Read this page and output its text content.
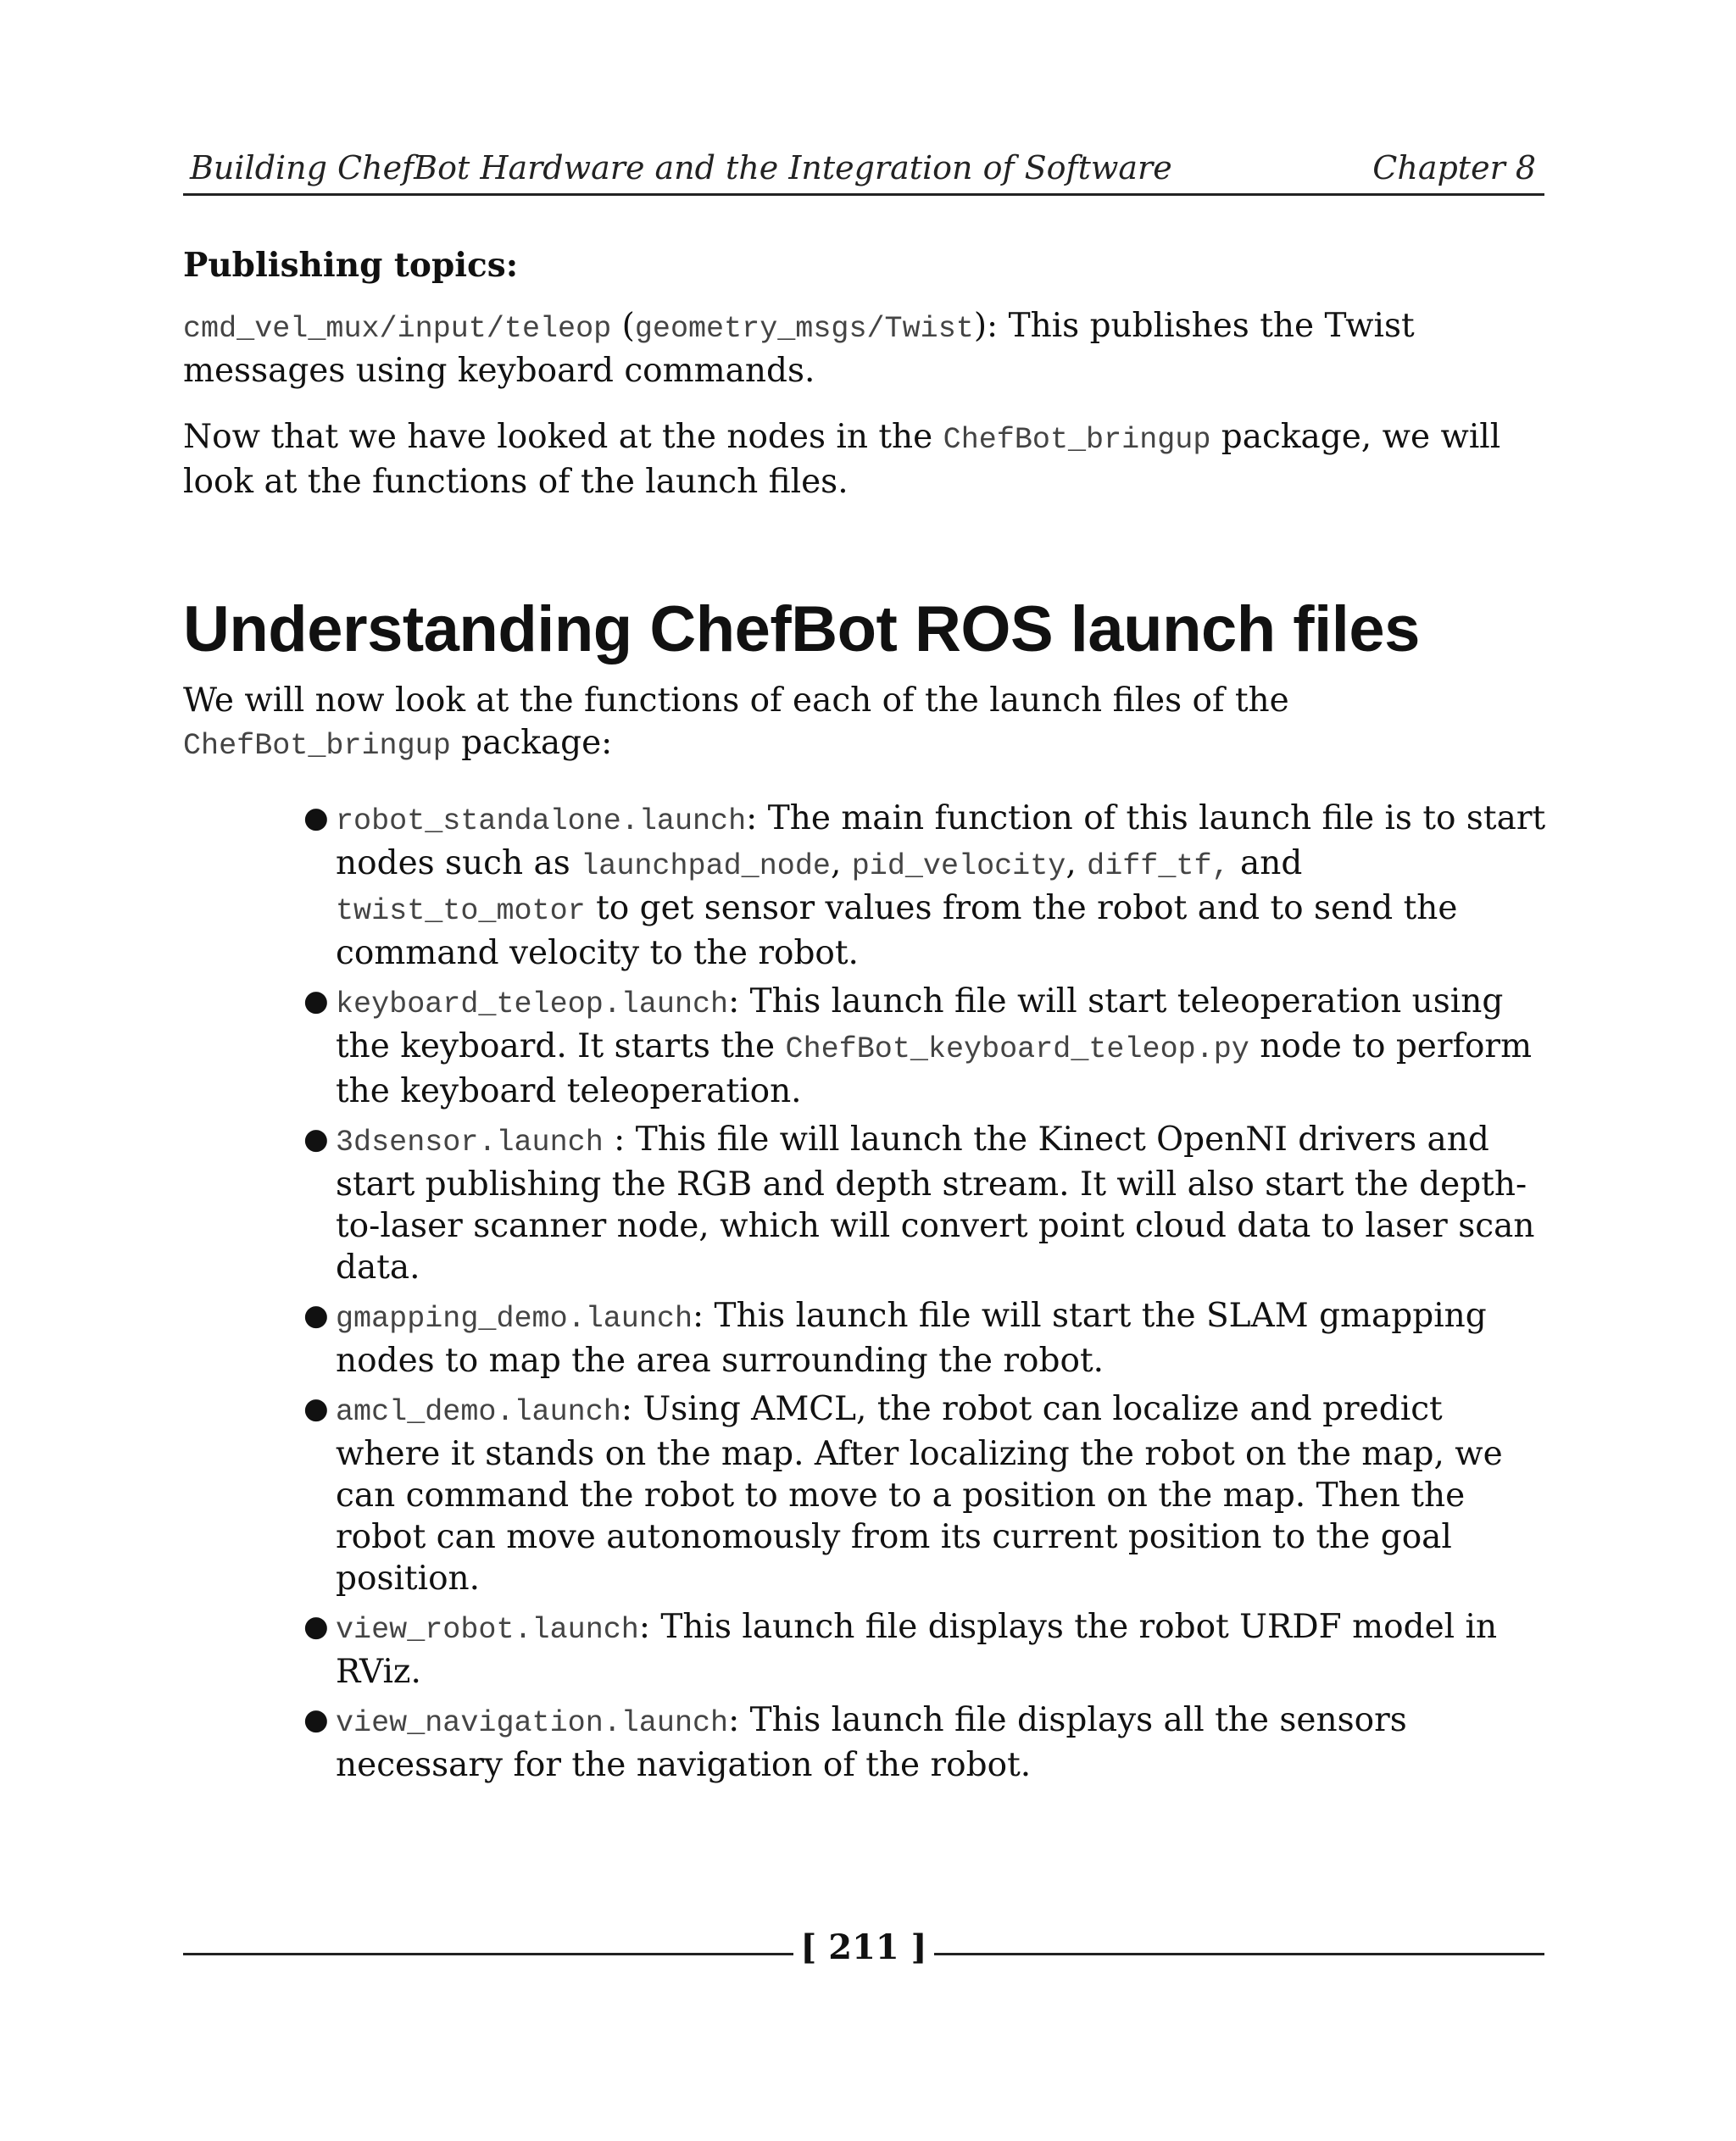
Building ChefBot Hardware and the Integration of Software	Chapter 8
Publishing topics:

cmd_vel_mux/input/teleop (geometry_msgs/Twist): This publishes the Twist messages using keyboard commands.

Now that we have looked at the nodes in the ChefBot_bringup package, we will look at the functions of the launch files.

Understanding ChefBot ROS launch files

We will now look at the functions of each of the launch files of the ChefBot_bringup package:

● robot_standalone.launch: The main function of this launch file is to start nodes such as launchpad_node, pid_velocity, diff_tf, and twist_to_motor to get sensor values from the robot and to send the command velocity to the robot.
● keyboard_teleop.launch: This launch file will start teleoperation using the keyboard. It starts the ChefBot_keyboard_teleop.py node to perform the keyboard teleoperation.
● 3dsensor.launch : This file will launch the Kinect OpenNI drivers and start publishing the RGB and depth stream. It will also start the depth-to-laser scanner node, which will convert point cloud data to laser scan data.
● gmapping_demo.launch: This launch file will start the SLAM gmapping nodes to map the area surrounding the robot.
● amcl_demo.launch: Using AMCL, the robot can localize and predict where it stands on the map. After localizing the robot on the map, we can command the robot to move to a position on the map. Then the robot can move autonomously from its current position to the goal position.
● view_robot.launch: This launch file displays the robot URDF model in RViz.
● view_navigation.launch: This launch file displays all the sensors necessary for the navigation of the robot.
[ 211 ]
